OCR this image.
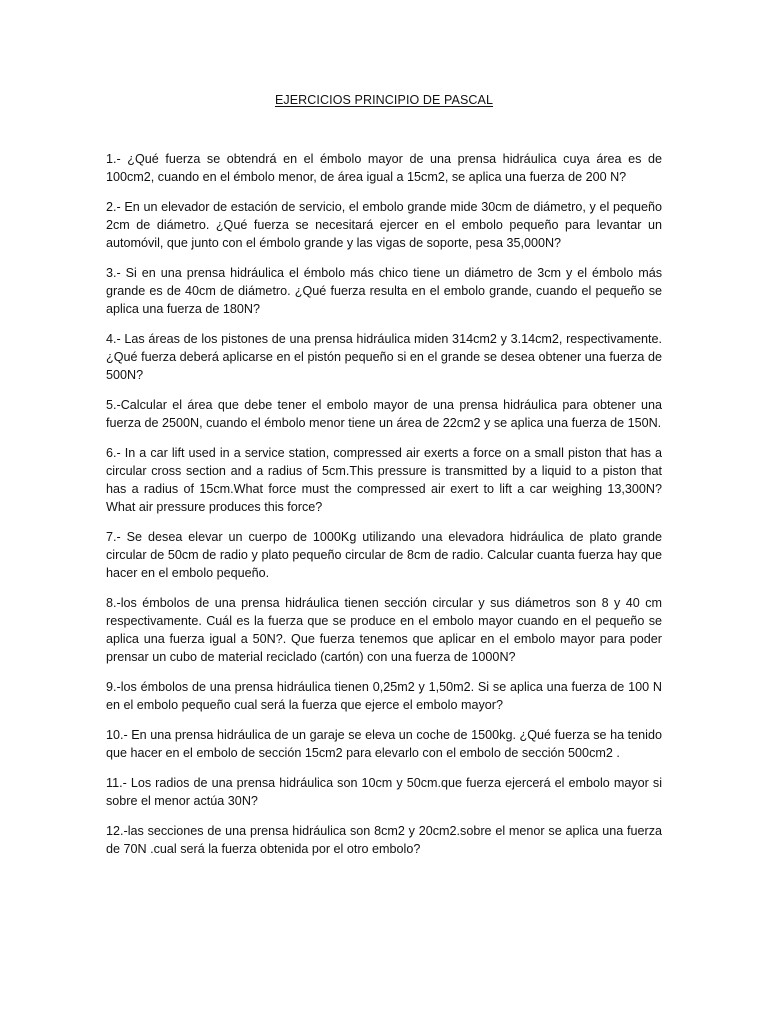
EJERCICIOS PRINCIPIO DE PASCAL

1.- ¿Qué fuerza se obtendrá en el émbolo mayor de una prensa hidráulica cuya área es de 100cm2, cuando en el émbolo menor, de área igual a 15cm2, se aplica una fuerza de 200 N?

2.- En un elevador de estación de servicio, el embolo grande mide 30cm de diámetro, y el pequeño 2cm de diámetro. ¿Qué fuerza se necesitará ejercer en el embolo pequeño para levantar un automóvil, que junto con el émbolo grande y las vigas de soporte, pesa 35,000N?

3.- Si en una prensa hidráulica el émbolo más chico tiene un diámetro de 3cm y el émbolo más grande es de 40cm de diámetro. ¿Qué fuerza resulta en el embolo grande, cuando el pequeño se aplica una fuerza de 180N?

4.- Las áreas de los pistones de una prensa hidráulica miden 314cm2 y 3.14cm2, respectivamente. ¿Qué fuerza deberá aplicarse en el pistón pequeño si en el grande se desea obtener una fuerza de 500N?

5.-Calcular el área que debe tener el embolo mayor de una prensa hidráulica para obtener una fuerza de 2500N, cuando el émbolo menor tiene un área de 22cm2 y se aplica una fuerza de 150N.

6.- In a car lift used in a service station, compressed air exerts a force on a small piston that has a circular cross section and a radius of 5cm.This pressure is transmitted by a liquid to a piston that has a radius of 15cm.What force must the compressed air exert to lift a car weighing 13,300N? What air pressure produces this force?

7.- Se desea elevar un cuerpo de 1000Kg utilizando una elevadora hidráulica de plato grande circular de 50cm de radio y plato pequeño circular de 8cm de radio. Calcular cuanta fuerza hay que hacer en el embolo pequeño.

8.-los émbolos de una prensa hidráulica tienen sección circular y sus diámetros son 8 y 40 cm respectivamente. Cuál es la fuerza que se produce en el embolo mayor cuando en el pequeño se aplica una fuerza igual a 50N?. Que fuerza tenemos que aplicar en el embolo mayor para poder prensar un cubo de material reciclado (cartón) con una fuerza de 1000N?

9.-los émbolos de una prensa hidráulica tienen 0,25m2 y 1,50m2. Si se aplica una fuerza de 100 N en el embolo pequeño cual será la fuerza que ejerce el embolo mayor?

10.- En una prensa hidráulica de un garaje se eleva un coche de 1500kg. ¿Qué fuerza se ha tenido que hacer en el embolo de sección 15cm2 para elevarlo con el embolo de sección 500cm2 .

11.- Los radios de una prensa hidráulica son 10cm y 50cm.que fuerza ejercerá el embolo mayor si sobre el menor actúa 30N?

12.-las secciones de una prensa hidráulica son 8cm2 y 20cm2.sobre el menor se aplica una fuerza de 70N .cual será la fuerza obtenida por el otro embolo?
